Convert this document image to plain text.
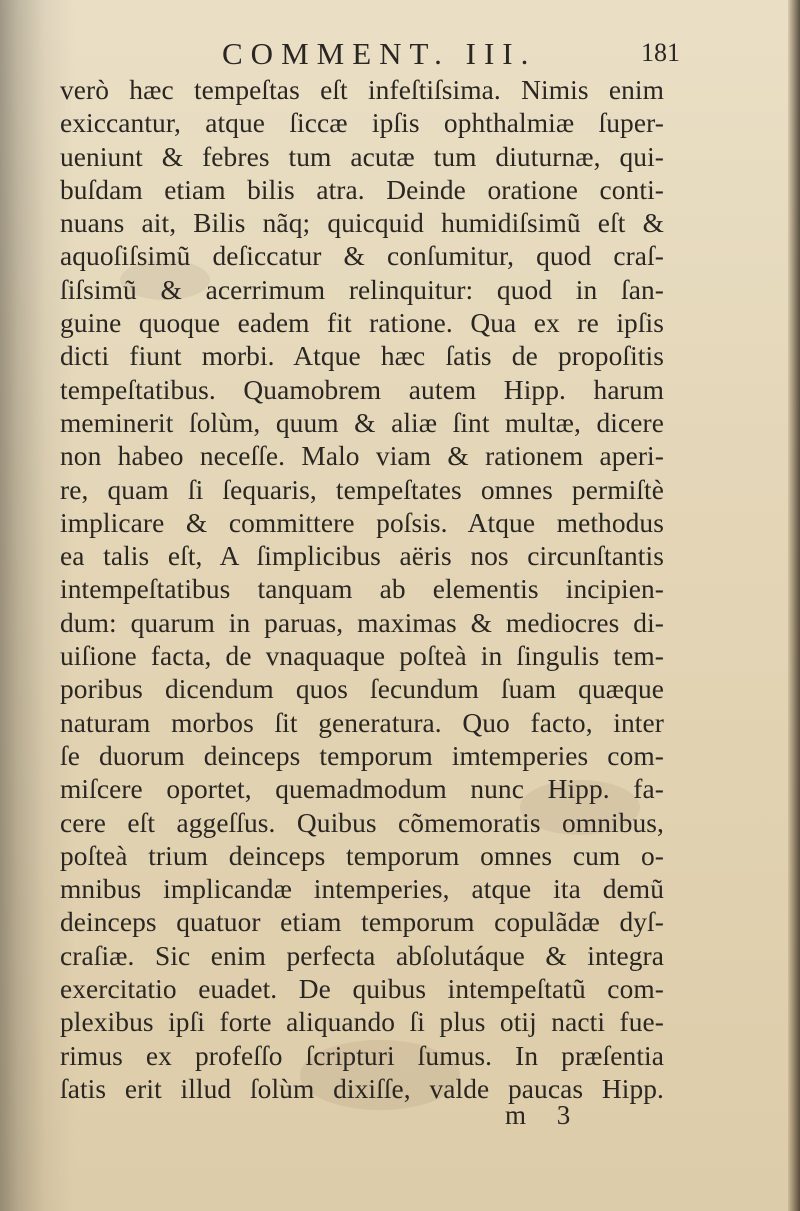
COMMENT. III.	181
verò hæc tempeſtas eſt infeſtiſsima. Nimis enim
exiccantur, atque ſiccæ ipſis ophthalmiæ ſuper-
ueniunt & febres tum acutæ tum diuturnæ, qui-
buſdam etiam bilis atra. Deinde oratione conti-
nuans ait, Bilis nãq; quicquid humidiſsimũ eſt &
aquoſiſsimũ deſiccatur & conſumitur, quod craſ-
ſiſsimũ & acerrimum relinquitur: quod in ſan-
guine quoque eadem fit ratione. Qua ex re ipſis
dicti fiunt morbi. Atque hæc ſatis de propoſitis
tempeſtatibus. Quamobrem autem Hipp. harum
meminerit ſolùm, quum & aliæ ſint multæ, dicere
non habeo neceſſe. Malo viam & rationem aperi-
re, quam ſi ſequaris, tempeſtates omnes permiſtè
implicare & committere poſsis. Atque methodus
ea talis eſt, A ſimplicibus aëris nos circunſtantis
intempeſtatibus tanquam ab elementis incipien-
dum: quarum in paruas, maximas & mediocres di-
uiſione facta, de vnaquaque poſteà in ſingulis tem-
poribus dicendum quos ſecundum ſuam quæque
naturam morbos ſit generatura. Quo facto, inter
ſe duorum deinceps temporum imtemperies com-
miſcere oportet, quemadmodum nunc Hipp. fa-
cere eſt aggeſſus. Quibus cõmemoratis omnibus,
poſteà trium deinceps temporum omnes cum o-
mnibus implicandæ intemperies, atque ita demũ
deinceps quatuor etiam temporum copulãdæ dyſ-
craſiæ. Sic enim perfecta abſolutáque & integra
exercitatio euadet. De quibus intempeſtatũ com-
plexibus ipſi forte aliquando ſi plus otij nacti fue-
rimus ex profeſſo ſcripturi ſumus. In præſentia
ſatis erit illud ſolùm dixiſſe, valde paucas Hipp.
m 3
